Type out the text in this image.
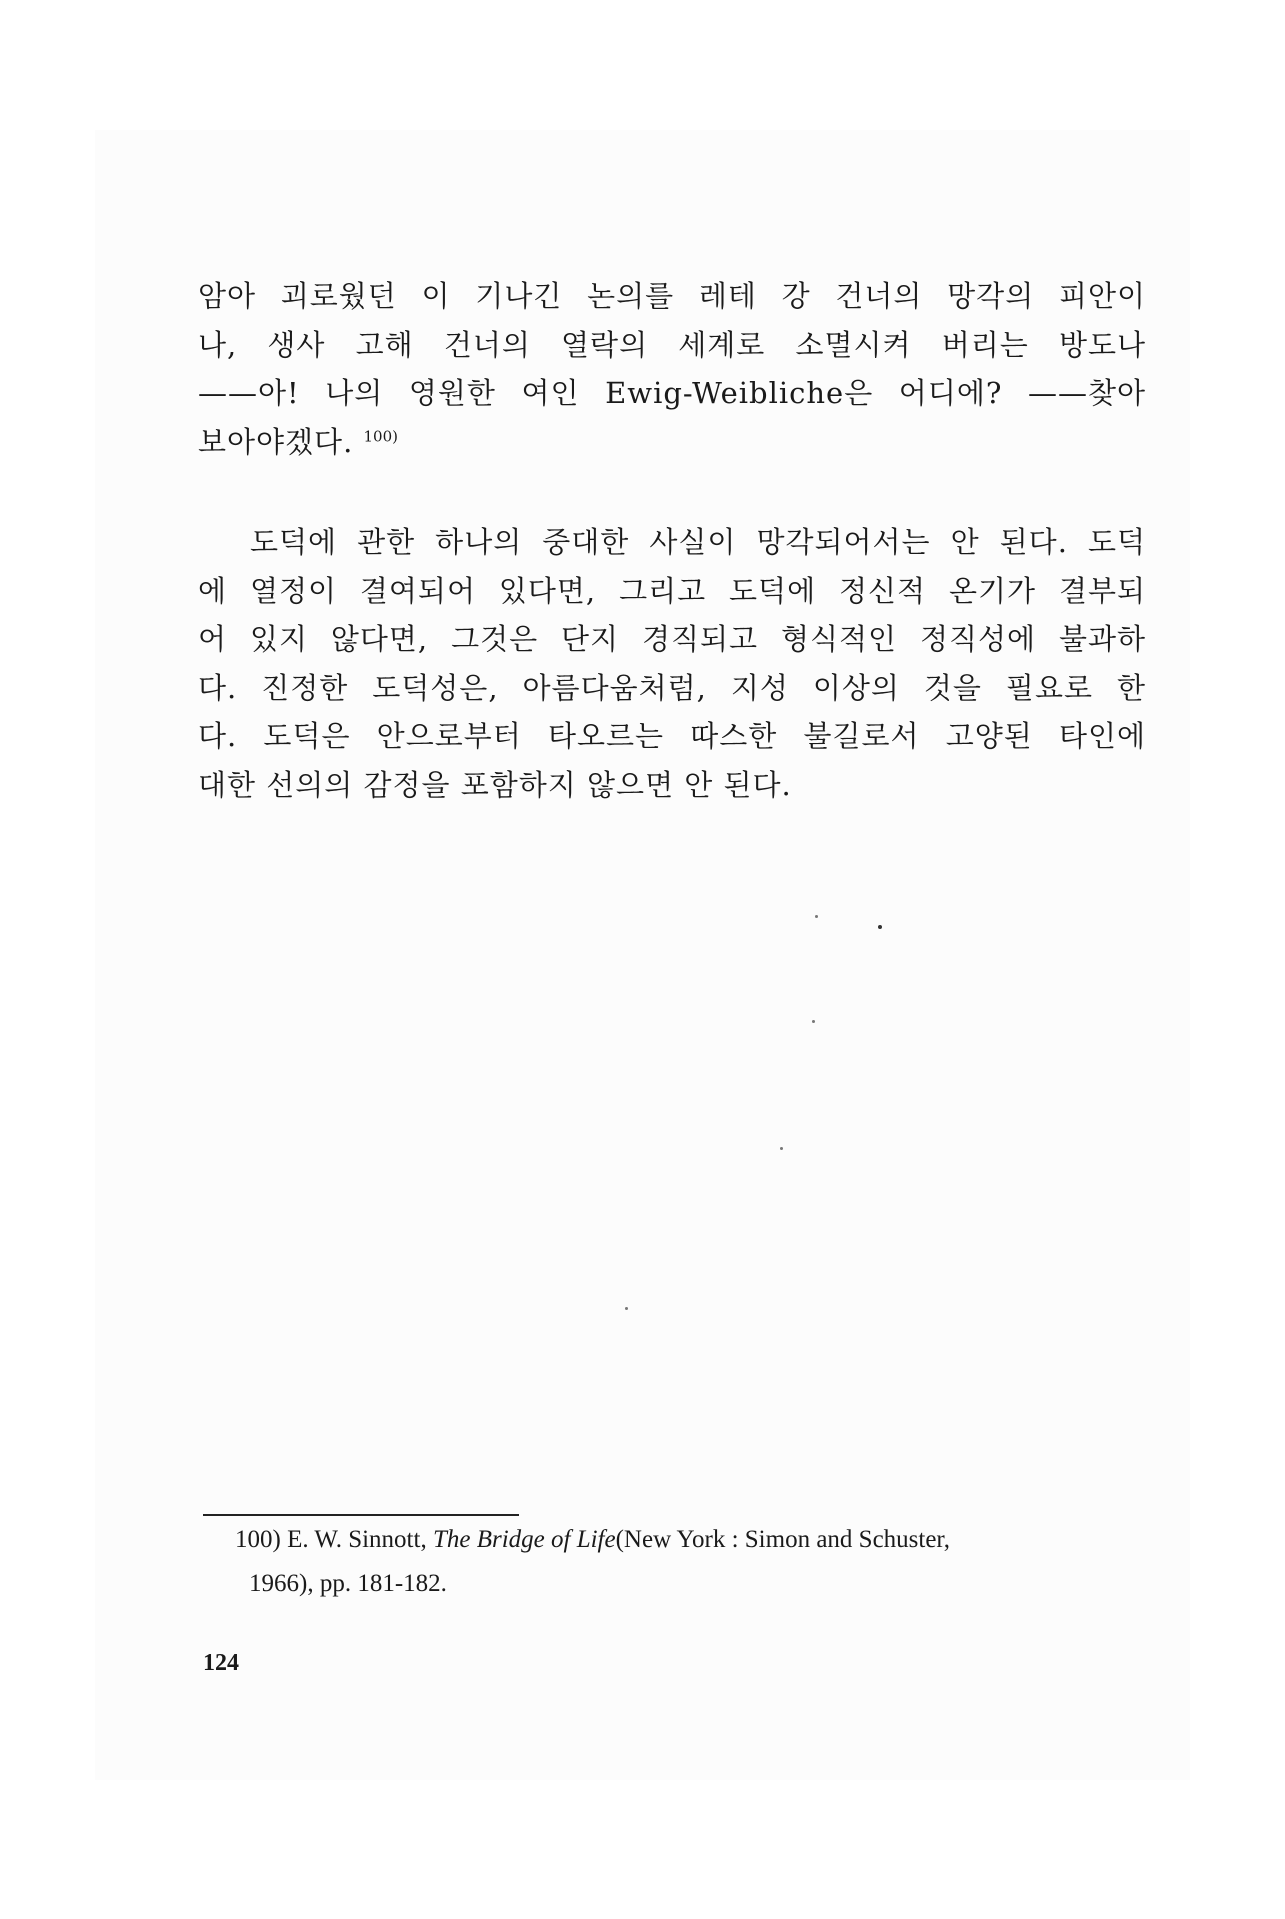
암아 괴로웠던 이 기나긴 논의를 레테 강 건너의 망각의 피안이
나, 생사 고해 건너의 열락의 세계로 소멸시켜 버리는 방도나
——아! 나의 영원한 여인 Ewig-Weibliche은 어디에? ——찾아
보아야겠다. $^{100)}$
도덕에 관한 하나의 중대한 사실이 망각되어서는 안 된다. 도덕
에 열정이 결여되어 있다면, 그리고 도덕에 정신적 온기가 결부되
어 있지 않다면, 그것은 단지 경직되고 형식적인 정직성에 불과하
다. 진정한 도덕성은, 아름다움처럼, 지성 이상의 것을 필요로 한
다. 도덕은 안으로부터 타오르는 따스한 불길로서 고양된 타인에
대한 선의의 감정을 포함하지 않으면 안 된다.
100) E. W. Sinnott, The Bridge of Life(New York : Simon and Schuster,
1966), pp. 181-182.
124
